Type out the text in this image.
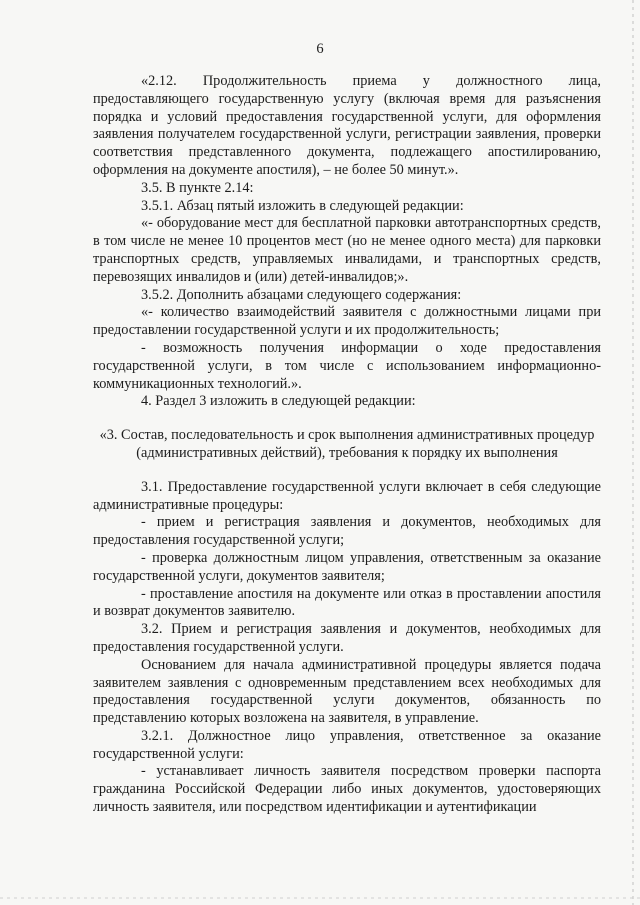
6

«2.12. Продолжительность приема у должностного лица, предоставляющего государственную услугу (включая время для разъяснения порядка и условий предоставления государственной услуги, для оформления заявления получателем государственной услуги, регистрации заявления, проверки соответствия представленного документа, подлежащего апостилированию, оформления на документе апостиля), – не более 50 минут.».

3.5. В пункте 2.14:

3.5.1. Абзац пятый изложить в следующей редакции:

«- оборудование мест для бесплатной парковки автотранспортных средств, в том числе не менее 10 процентов мест (но не менее одного места) для парковки транспортных средств, управляемых инвалидами, и транспортных средств, перевозящих инвалидов и (или) детей-инвалидов;».

3.5.2. Дополнить абзацами следующего содержания:

«- количество взаимодействий заявителя с должностными лицами при предоставлении государственной услуги и их продолжительность;

- возможность получения информации о ходе предоставления государственной услуги, в том числе с использованием информационно-коммуникационных технологий.».

4. Раздел 3 изложить в следующей редакции:

«3. Состав, последовательность и срок выполнения административных процедур (административных действий), требования к порядку их выполнения

3.1. Предоставление государственной услуги включает в себя следующие административные процедуры:

- прием и регистрация заявления и документов, необходимых для предоставления государственной услуги;

- проверка должностным лицом управления, ответственным за оказание государственной услуги, документов заявителя;

- проставление апостиля на документе или отказ в проставлении апостиля и возврат документов заявителю.

3.2. Прием и регистрация заявления и документов, необходимых для предоставления государственной услуги.

Основанием для начала административной процедуры является подача заявителем заявления с одновременным представлением всех необходимых для предоставления государственной услуги документов, обязанность по представлению которых возложена на заявителя, в управление.

3.2.1. Должностное лицо управления, ответственное за оказание государственной услуги:

- устанавливает личность заявителя посредством проверки паспорта гражданина Российской Федерации либо иных документов, удостоверяющих личность заявителя, или посредством идентификации и аутентификации
